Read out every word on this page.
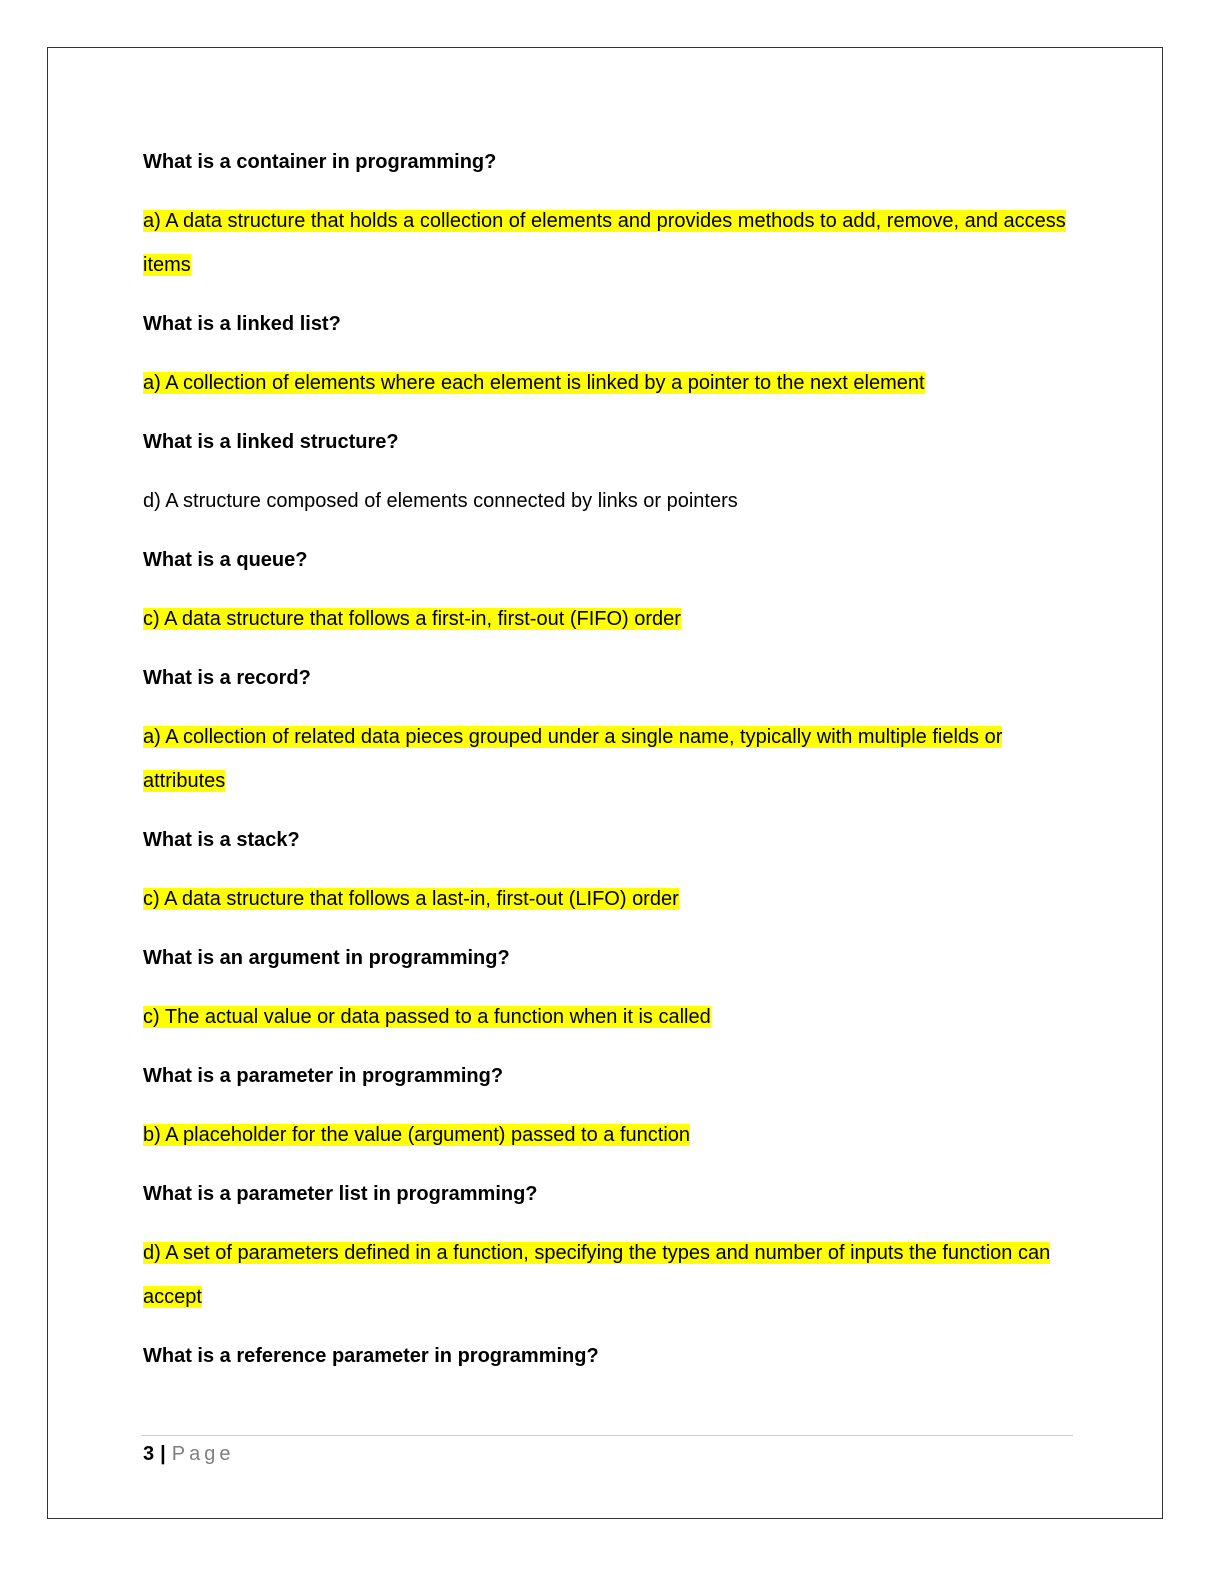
What is a container in programming?

a) A data structure that holds a collection of elements and provides methods to add, remove, and access items

What is a linked list?

a) A collection of elements where each element is linked by a pointer to the next element

What is a linked structure?

d) A structure composed of elements connected by links or pointers

What is a queue?

c) A data structure that follows a first-in, first-out (FIFO) order

What is a record?

a) A collection of related data pieces grouped under a single name, typically with multiple fields or attributes

What is a stack?

c) A data structure that follows a last-in, first-out (LIFO) order

What is an argument in programming?

c) The actual value or data passed to a function when it is called

What is a parameter in programming?

b) A placeholder for the value (argument) passed to a function

What is a parameter list in programming?

d) A set of parameters defined in a function, specifying the types and number of inputs the function can accept

What is a reference parameter in programming?

3 | Page
